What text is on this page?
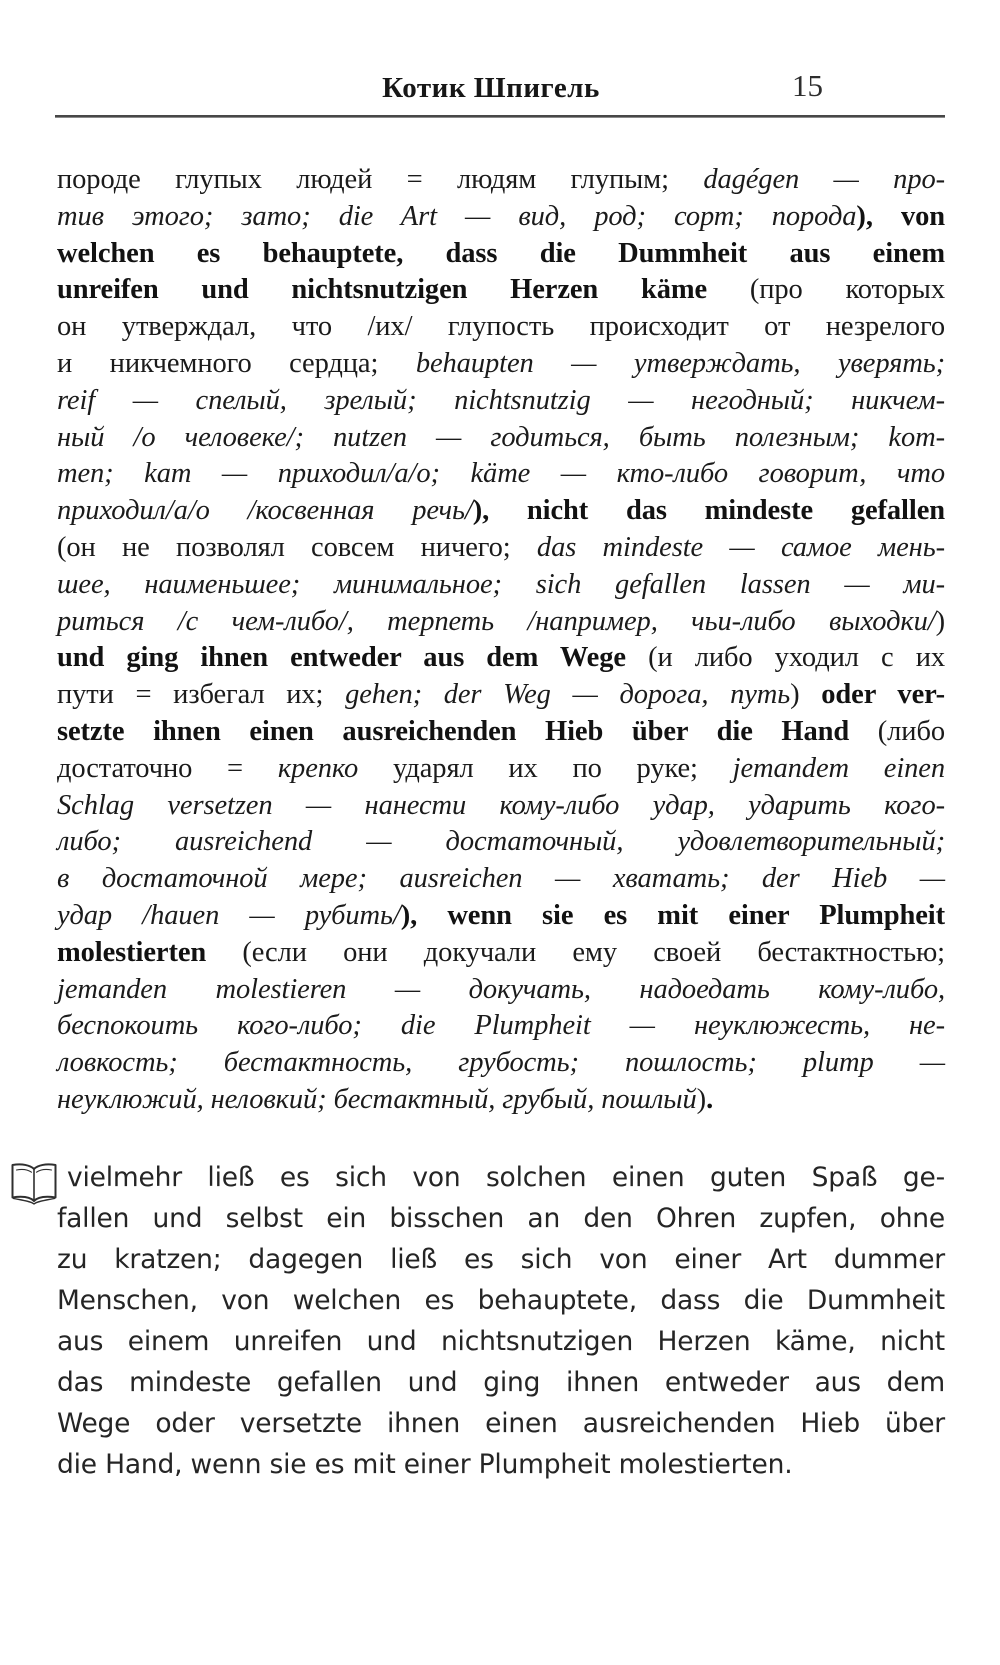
Котик Шпигель	15
породе глупых людей = людям глупым; dagégen — про-
тив этого; зато; die Art — вид, род; сорт; порода), von
welchen es behauptete, dass die Dummheit aus einem
unreifen und nichtsnutzigen Herzen käme (про которых
он утверждал, что /их/ глупость происходит от незрелого
и никчемного сердца; behaupten — утверждать, уверять;
reif — спелый, зрелый; nichtsnutzig — негодный; никчем-
ный /о человеке/; nutzen — годиться, быть полезным; kom-
men; kam — приходил/а/о; käme — кто-либо говорит, что
приходил/а/о /косвенная речь/), nicht das mindeste gefallen
(он не позволял совсем ничего; das mindeste — самое мень-
шее, наименьшее; минимальное; sich gefallen lassen — ми-
риться /с чем-либо/, терпеть /например, чьи-либо выходки/)
und ging ihnen entweder aus dem Wege (и либо уходил с их
пути = избегал их; gehen; der Weg — дорога, путь) oder ver-
setzte ihnen einen ausreichenden Hieb über die Hand (либо
достаточно = крепко ударял их по руке; jemandem einen
Schlag versetzen — нанести кому-либо удар, ударить кого-
либо; ausreichend — достаточный, удовлетворительный;
в достаточной мере; ausreichen — хватать; der Hieb —
удар /hauen — рубить/), wenn sie es mit einer Plumpheit
molestierten (если они докучали ему своей бестактностью;
jemanden molestieren — докучать, надоедать кому-либо,
беспокоить кого-либо; die Plumpheit — неуклюжесть, не-
ловкость; бестактность, грубость; пошлость; plump —
неуклюжий, неловкий; бестактный, грубый, пошлый).
vielmehr ließ es sich von solchen einen guten Spaß ge-
fallen und selbst ein bisschen an den Ohren zupfen, ohne
zu kratzen; dagegen ließ es sich von einer Art dummer
Menschen, von welchen es behauptete, dass die Dummheit
aus einem unreifen und nichtsnutzigen Herzen käme, nicht
das mindeste gefallen und ging ihnen entweder aus dem
Wege oder versetzte ihnen einen ausreichenden Hieb über
die Hand, wenn sie es mit einer Plumpheit molestierten.
